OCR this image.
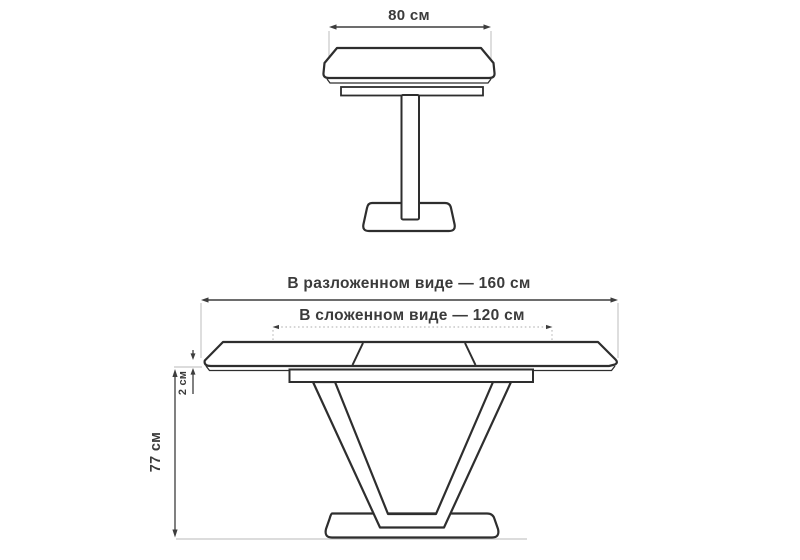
80 см
В разложенном виде — 160 см
В сложенном виде — 120 см
77 см
2 см
